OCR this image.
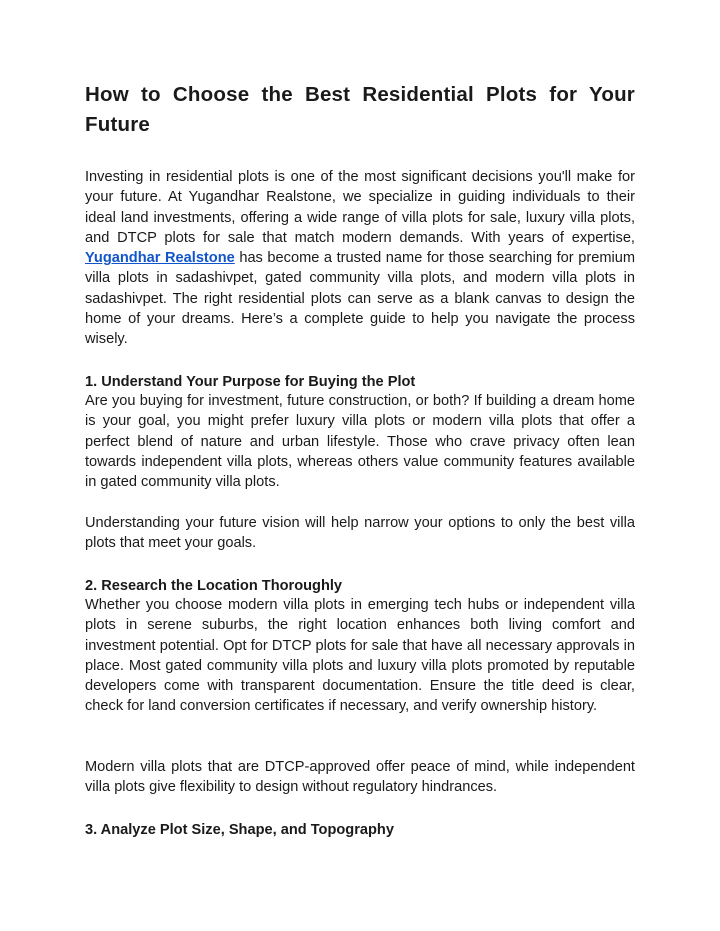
How to Choose the Best Residential Plots for Your Future

Investing in residential plots is one of the most significant decisions you'll make for your future. At Yugandhar Realstone, we specialize in guiding individuals to their ideal land investments, offering a wide range of villa plots for sale, luxury villa plots, and DTCP plots for sale that match modern demands. With years of expertise, Yugandhar Realstone has become a trusted name for those searching for premium villa plots in sadashivpet, gated community villa plots, and modern villa plots in sadashivpet. The right residential plots can serve as a blank canvas to design the home of your dreams. Here’s a complete guide to help you navigate the process wisely.

1. Understand Your Purpose for Buying the Plot

Are you buying for investment, future construction, or both? If building a dream home is your goal, you might prefer luxury villa plots or modern villa plots that offer a perfect blend of nature and urban lifestyle. Those who crave privacy often lean towards independent villa plots, whereas others value community features available in gated community villa plots.

Understanding your future vision will help narrow your options to only the best villa plots that meet your goals.

2. Research the Location Thoroughly

Whether you choose modern villa plots in emerging tech hubs or independent villa plots in serene suburbs, the right location enhances both living comfort and investment potential. Opt for DTCP plots for sale that have all necessary approvals in place. Most gated community villa plots and luxury villa plots promoted by reputable developers come with transparent documentation. Ensure the title deed is clear, check for land conversion certificates if necessary, and verify ownership history.

Modern villa plots that are DTCP-approved offer peace of mind, while independent villa plots give flexibility to design without regulatory hindrances.

3. Analyze Plot Size, Shape, and Topography
